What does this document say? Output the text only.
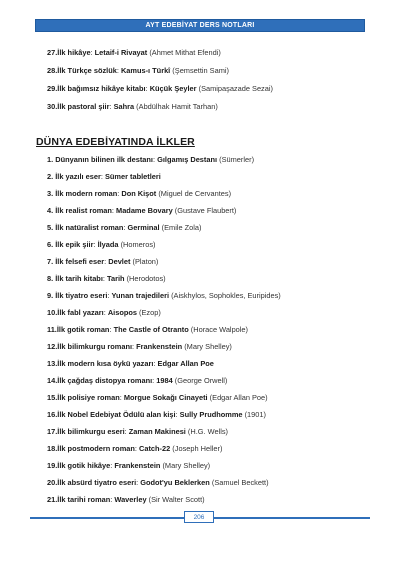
AYT EDEBİYAT DERS NOTLARI
27.İlk hikâye: Letaif-i Rivayat (Ahmet Mithat Efendi)
28.İlk Türkçe sözlük: Kamus-ı Türkî (Şemsettin Sami)
29.İlk bağımsız hikâye kitabı: Küçük Şeyler (Samipaşazade Sezai)
30.İlk pastoral şiir: Sahra (Abdülhak Hamit Tarhan)
DÜNYA EDEBİYATINDA İLKLER
1. Dünyanın bilinen ilk destanı: Gılgamış Destanı (Sümerler)
2. İlk yazılı eser: Sümer tabletleri
3. İlk modern roman: Don Kişot (Miguel de Cervantes)
4. İlk realist roman: Madame Bovary (Gustave Flaubert)
5. İlk natüralist roman: Germinal (Emile Zola)
6. İlk epik şiir: İlyada (Homeros)
7. İlk felsefi eser: Devlet (Platon)
8. İlk tarih kitabı: Tarih (Herodotos)
9. İlk tiyatro eseri: Yunan trajedileri (Aiskhylos, Sophokles, Euripides)
10.İlk fabl yazarı: Aisopos (Ezop)
11.İlk gotik roman: The Castle of Otranto (Horace Walpole)
12.İlk bilimkurgu romanı: Frankenstein (Mary Shelley)
13.İlk modern kısa öykü yazarı: Edgar Allan Poe
14.İlk çağdaş distopya romanı: 1984 (George Orwell)
15.İlk polisiye roman: Morgue Sokağı Cinayeti (Edgar Allan Poe)
16.İlk Nobel Edebiyat Ödülü alan kişi: Sully Prudhomme (1901)
17.İlk bilimkurgu eseri: Zaman Makinesi (H.G. Wells)
18.İlk postmodern roman: Catch-22 (Joseph Heller)
19.İlk gotik hikâye: Frankenstein (Mary Shelley)
20.İlk absürd tiyatro eseri: Godot'yu Beklerken (Samuel Beckett)
21.İlk tarihi roman: Waverley (Sir Walter Scott)
206
